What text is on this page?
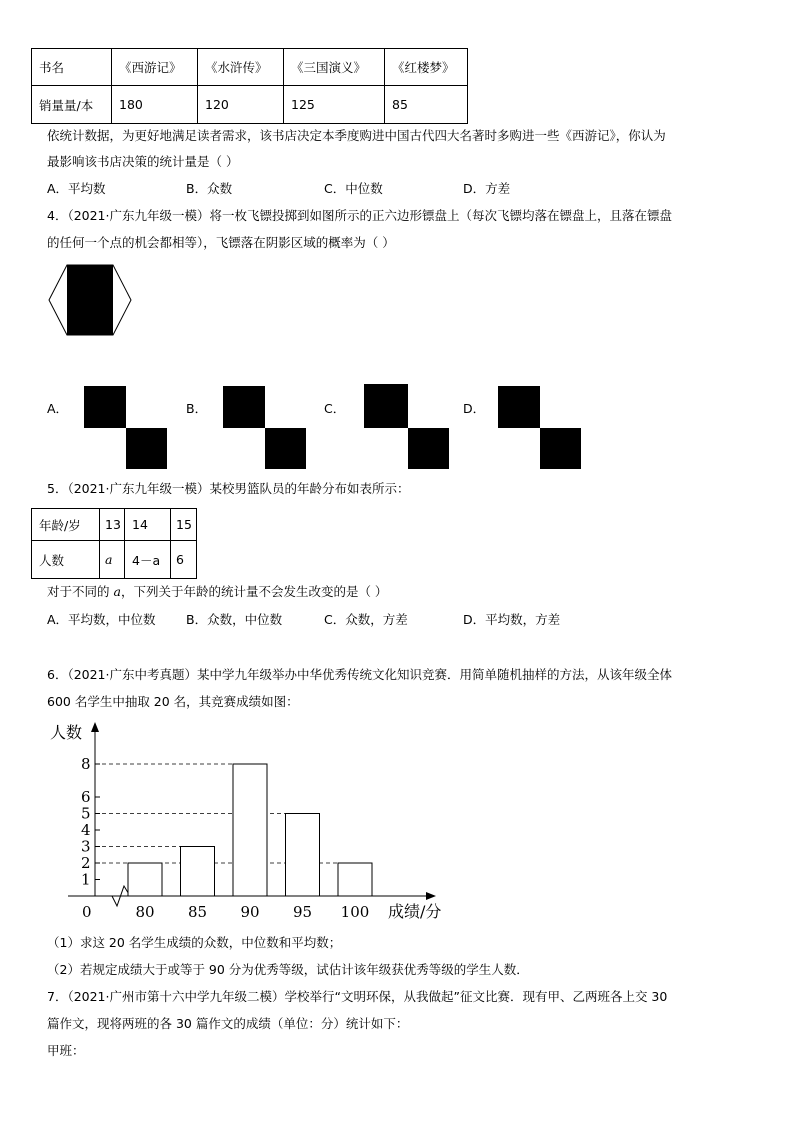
书名	《西游记》	《水浒传》	《三国演义》	《红楼梦》
销量量/本	180	120	125	85
依统计数据，为更好地满足读者需求，该书店决定本季度购进中国古代四大名著时多购进一些《西游记》，你认为
最影响该书店决策的统计量是（ ）
A．平均数	B．众数	C．中位数	D．方差
4．（2021·广东九年级一模）将一枚飞镖投掷到如图所示的正六边形镖盘上（每次飞镖均落在镖盘上，且落在镖盘
的任何一个点的机会都相等），飞镖落在阴影区域的概率为（ ）
A．	B．	C．	D．
5．（2021·广东九年级一模）某校男篮队员的年龄分布如表所示：
年龄/岁	13	14	15
人数	a	4－a	6
对于不同的 a，下列关于年龄的统计量不会发生改变的是（ ）
A．平均数，中位数 B．众数，中位数	C．众数，方差	D．平均数，方差
6．（2021·广东中考真题）某中学九年级举办中华优秀传统文化知识竞赛．用简单随机抽样的方法，从该年级全体
600 名学生中抽取 20 名，其竞赛成绩如图：
人数
成绩/分
0
1
2
3
4
5
6
8
80 85 90 95 100
（1）求这 20 名学生成绩的众数，中位数和平均数；
（2）若规定成绩大于或等于 90 分为优秀等级，试估计该年级获优秀等级的学生人数．
7．（2021·广州市第十六中学九年级二模）学校举行“文明环保，从我做起”征文比赛．现有甲、乙两班各上交 30
篇作文，现将两班的各 30 篇作文的成绩（单位：分）统计如下：
甲班：
